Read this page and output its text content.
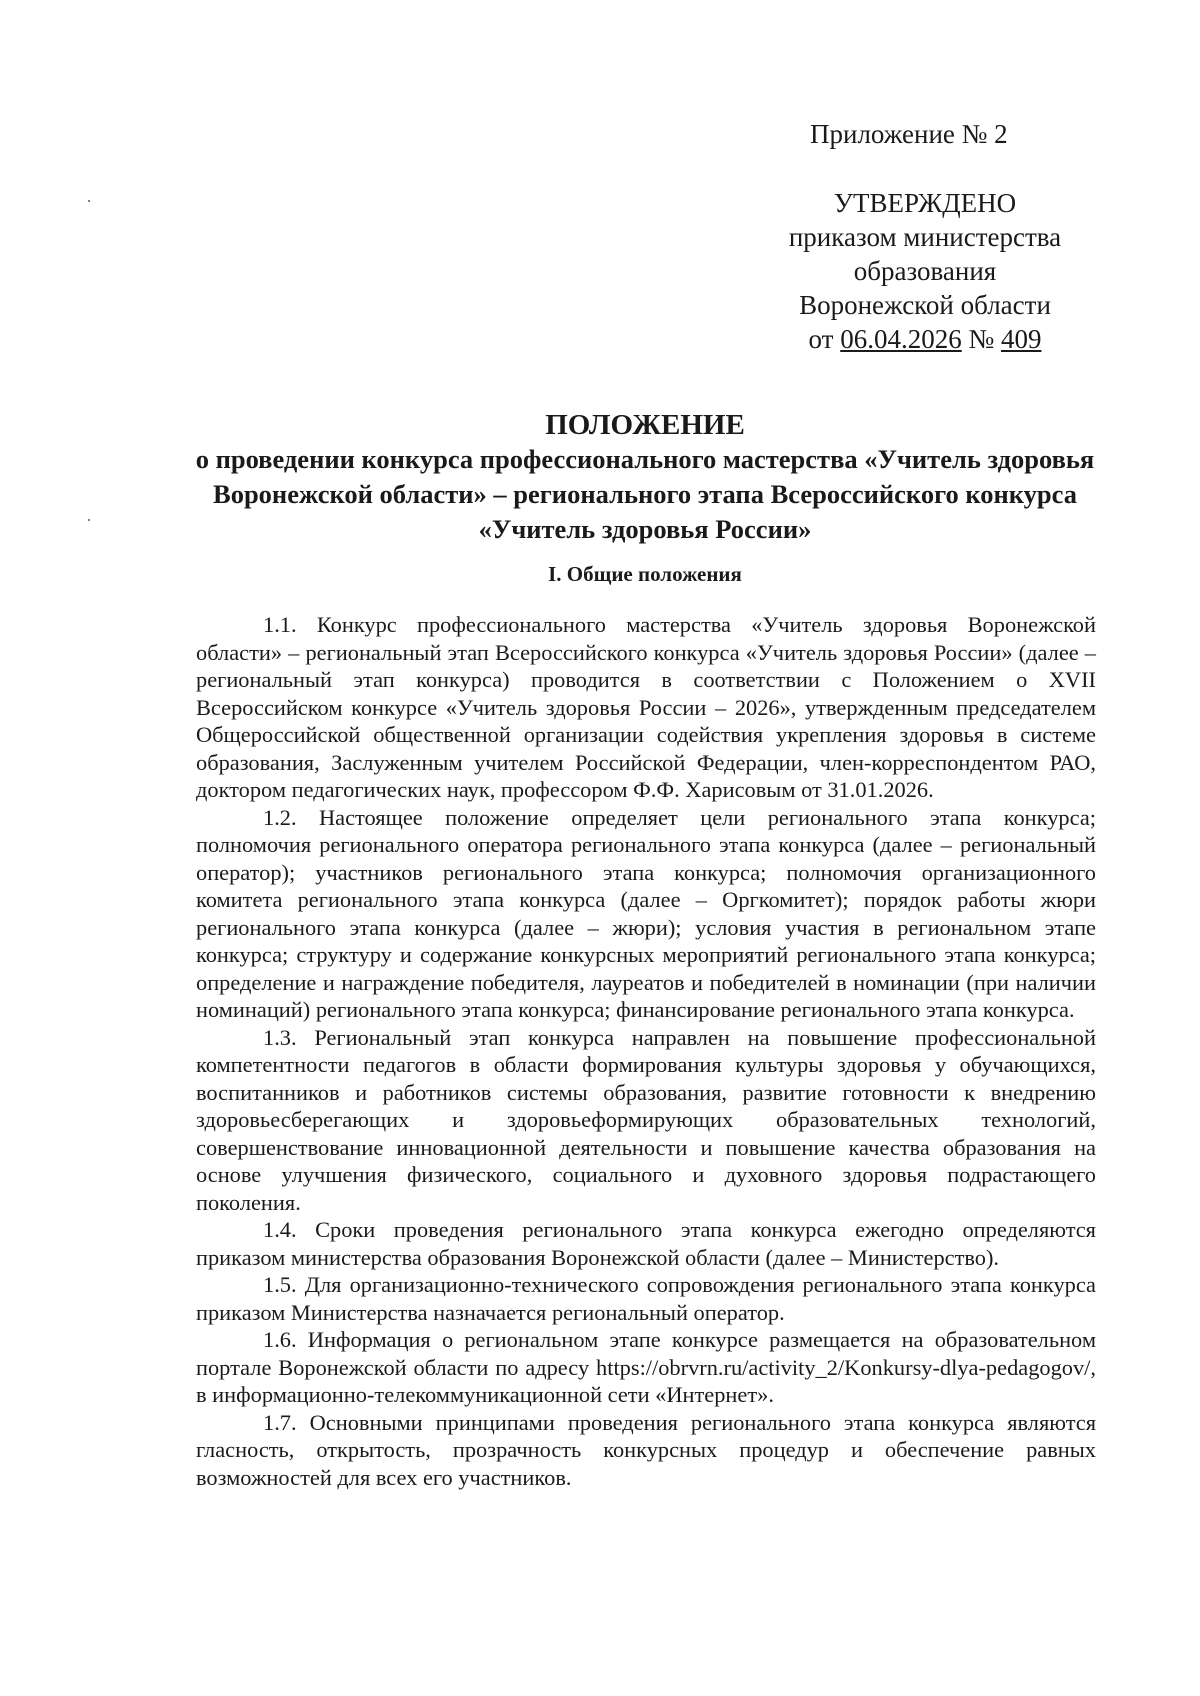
Приложение № 2
УТВЕРЖДЕНО
приказом министерства
образования
Воронежской области
от 06.04.2026 № 409
ПОЛОЖЕНИЕ
о проведении конкурса профессионального мастерства «Учитель здоровья Воронежской области» – регионального этапа Всероссийского конкурса «Учитель здоровья России»
I. Общие положения

1.1. Конкурс профессионального мастерства «Учитель здоровья Воронежской области» – региональный этап Всероссийского конкурса «Учитель здоровья России» (далее – региональный этап конкурса) проводится в соответствии с Положением о XVII Всероссийском конкурсе «Учитель здоровья России – 2026», утвержденным председателем Общероссийской общественной организации содействия укрепления здоровья в системе образования, Заслуженным учителем Российской Федерации, член-корреспондентом РАО, доктором педагогических наук, профессором Ф.Ф. Харисовым от 31.01.2026.

1.2. Настоящее положение определяет цели регионального этапа конкурса; полномочия регионального оператора регионального этапа конкурса (далее – региональный оператор); участников регионального этапа конкурса; полномочия организационного комитета регионального этапа конкурса (далее – Оргкомитет); порядок работы жюри регионального этапа конкурса (далее – жюри); условия участия в региональном этапе конкурса; структуру и содержание конкурсных мероприятий регионального этапа конкурса; определение и награждение победителя, лауреатов и победителей в номинации (при наличии номинаций) регионального этапа конкурса; финансирование регионального этапа конкурса.

1.3. Региональный этап конкурса направлен на повышение профессиональной компетентности педагогов в области формирования культуры здоровья у обучающихся, воспитанников и работников системы образования, развитие готовности к внедрению здоровьесберегающих и здоровьеформирующих образовательных технологий, совершенствование инновационной деятельности и повышение качества образования на основе улучшения физического, социального и духовного здоровья подрастающего поколения.

1.4. Сроки проведения регионального этапа конкурса ежегодно определяются приказом министерства образования Воронежской области (далее – Министерство).

1.5. Для организационно-технического сопровождения регионального этапа конкурса приказом Министерства назначается региональный оператор.

1.6. Информация о региональном этапе конкурсе размещается на образовательном портале Воронежской области по адресу https://obrvrn.ru/activity_2/Konkursy-dlya-pedagogov/, в информационно-телекоммуникационной сети «Интернет».

1.7. Основными принципами проведения регионального этапа конкурса являются гласность, открытость, прозрачность конкурсных процедур и обеспечение равных возможностей для всех его участников.
